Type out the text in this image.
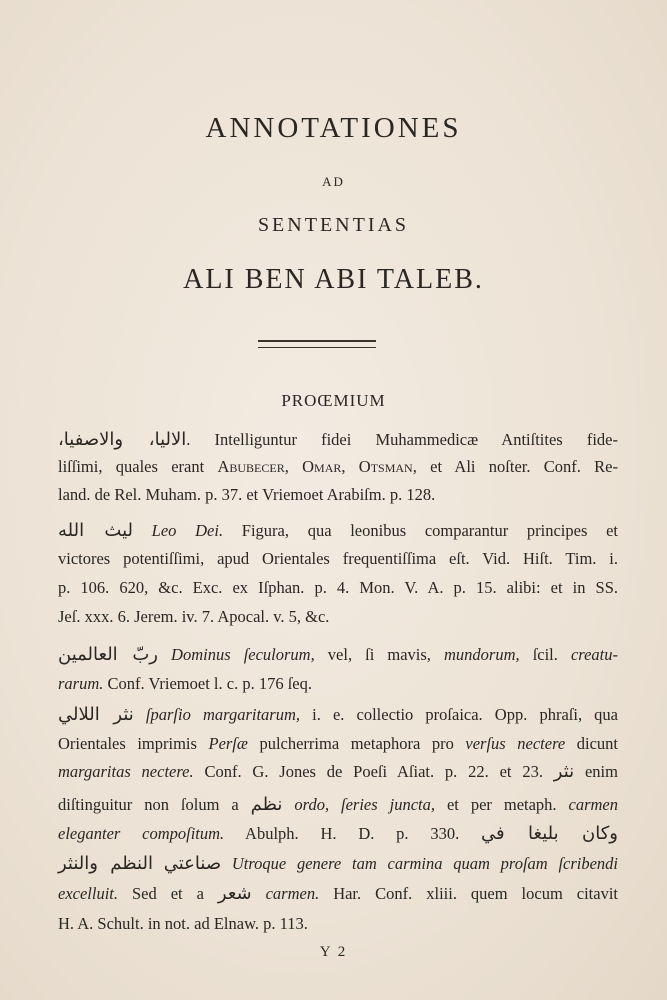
ANNOTATIONES
AD
SENTENTIAS
ALI BEN ABI TALEB.
PROŒMIUM
الاليا، والاصفيا،. Intelliguntur fidei Muhammedicæ Antiſtites fide-
liſſimi, quales erant Abubecer, Omar, Otsman, et Ali noſter. Conf. Re-
land. de Rel. Muham. p. 37. et Vriemoet Arabiſm. p. 128.
ليث الله Leo Dei. Figura, qua leonibus comparantur principes et
victores potentiſſimi, apud Orientales frequentiſſima eſt. Vid. Hiſt. Tim. i.
p. 106. 620, &c. Exc. ex Iſphan. p. 4. Mon. V. A. p. 15. alibi: et in SS.
Jeſ. xxx. 6. Jerem. iv. 7. Apocal. v. 5, &c.
ربّ العالمين Dominus ſeculorum, vel, ſi mavis, mundorum, ſcil. creatu-
rarum. Conf. Vriemoet l. c. p. 176 ſeq.
نثر اللالي ſparſio margaritarum, i. e. collectio proſaica. Opp. phraſi, qua
Orientales imprimis Perſæ pulcherrima metaphora pro verſus nectere dicunt
margaritas nectere. Conf. G. Jones de Poeſi Aſiat. p. 22. et 23. نثر enim
diſtinguitur non ſolum a نظم ordo, ſeries juncta, et per metaph. carmen
eleganter compoſitum. Abulph. H. D. p. 330. وكان بليغا في
النظم والنثر صناعتي Utroque genere tam carmina quam proſam ſcribendi
excelluit. Sed et a شعر carmen. Har. Conf. xliii. quem locum citavit
H. A. Schult. in not. ad Elnaw. p. 113.
Y 2
